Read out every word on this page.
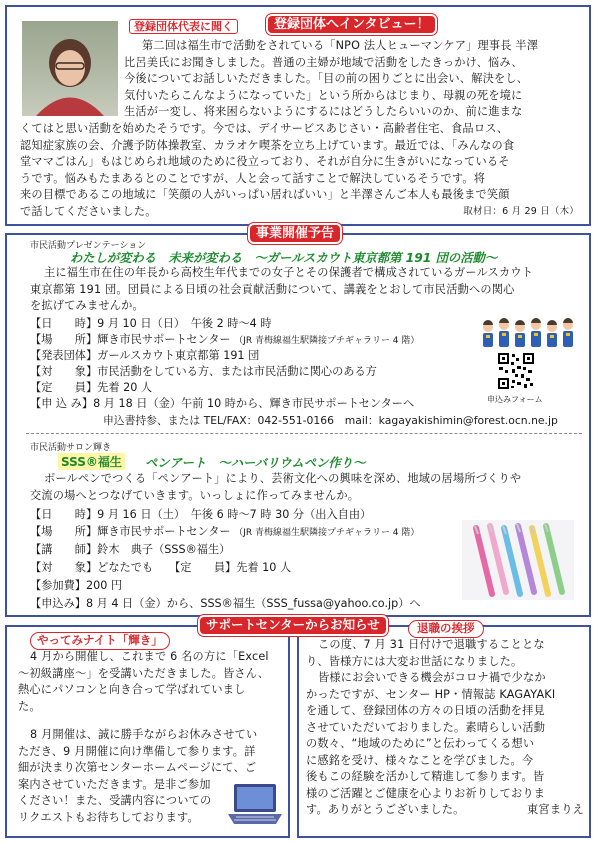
登録団体代表に聞く	登録団体へインタビュー！
第二回は福生市で活動をされている「NPO 法人ヒューマンケア」理事長 半澤
比呂美氏にお聞きしました。普通の主婦が地域で活動をしたきっかけ、悩み、
今後についてお話しいただきました。「目の前の困りごとに出会い、解決をし、
気付いたらこんなようになっていた」という所からはじまり、母親の死を境に
生活が一変し、将来困らないようにするにはどうしたらいいのか、前に進まな
くてはと思い活動を始めたそうです。今では、デイサービスあじさい・高齢者住宅、食品ロス、
認知症家族の会、介護予防体操教室、カラオケ喫茶を立ち上げています。最近では、「みんなの食
堂ママごはん」もはじめられ地域のために役立っており、それが自分に生きがいになっているそ
うです。悩みもたまあるとのことですが、人と会って話すことで解決しているそうです。将
来の目標であるこの地域に「笑顔の人がいっぱい居ればいい」と半澤さんご本人も最後まで笑顔
で話してくださいました。	取材日：6 月 29 日（木）
事業開催予告
市民活動プレゼンテーション
わたしが変わる　未来が変わる　～ガールスカウト東京都第 191 団の活動～
主に福生市在住の年長から高校生年代までの女子とその保護者で構成されているガールスカウト
東京都第 191 団。団員による日頃の社会貢献活動について、講義をとおして市民活動への関心
を拡げてみませんか。
【日　　時】9 月 10 日（日）　午後 2 時～4 時
【場　　所】輝き市民サポートセンター （JR 青梅線福生駅隣接プチギャラリー 4 階）
【発表団体】ガールスカウト東京都第 191 団
【対　　象】市民活動をしている方、または市民活動に関心のある方
【定　　員】先着 20 人
【申 込 み】8 月 18 日（金）午前 10 時から、輝き市民サポートセンターへ
申込書持参、または TEL/FAX：042-551-0166　mail：kagayakishimin@forest.ocn.ne.jp
申込みフォーム
市民活動サロン輝き
SSS®福生 ペンアート　～ハーバリウムペン作り～
ボールペンでつくる「ペンアート」により、芸術文化への興味を深め、地域の居場所づくりや
交流の場へとつなげていきます。いっしょに作ってみませんか。
【日　　時】9 月 16 日（土）　午後 6 時～7 時 30 分（出入自由）
【場　　所】輝き市民サポートセンター （JR 青梅線福生駅隣接プチギャラリー 4 階）
【講　　師】鈴木　典子（SSS®福生）
【対　　象】どなたでも 【定　　員】先着 10 人
【参加費】200 円
【申込み】8 月 4 日（金）から、SSS®福生（SSS_fussa@yahoo.co.jp）へ
サポートセンターからお知らせ
やってみナイト「輝き」
4 月から開催し、これまで 6 名の方に「Excel
～初級講座～」を受講いただきました。皆さん、
熱心にパソコンと向き合って学ばれていまし
た。
8 月開催は、誠に勝手ながらお休みさせてい
ただき、9 月開催に向け準備して参ります。詳
細が決まり次第センターホームページにて、ご
案内させていただきます。是非ご参加
ください！また、受講内容についての
リクエストもお待ちしております。
退職の挨拶
この度、7 月 31 日付けで退職することとな
り、皆様方には大変お世話になりました。
皆様にお会いできる機会がコロナ禍で少なか
かったですが、センター HP・情報誌 KAGAYAKI
を通して、登録団体の方々の日頃の活動を拝見
させていただいておりました。素晴らしい活動
の数々、“地域のために”と伝わってくる想い
に感銘を受け、様々なことを学びました。今
後もこの経験を活かして精進して参ります。皆
様のご活躍とご健康を心よりお祈りしておりま
す。ありがとうございました。	東宮まりえ
